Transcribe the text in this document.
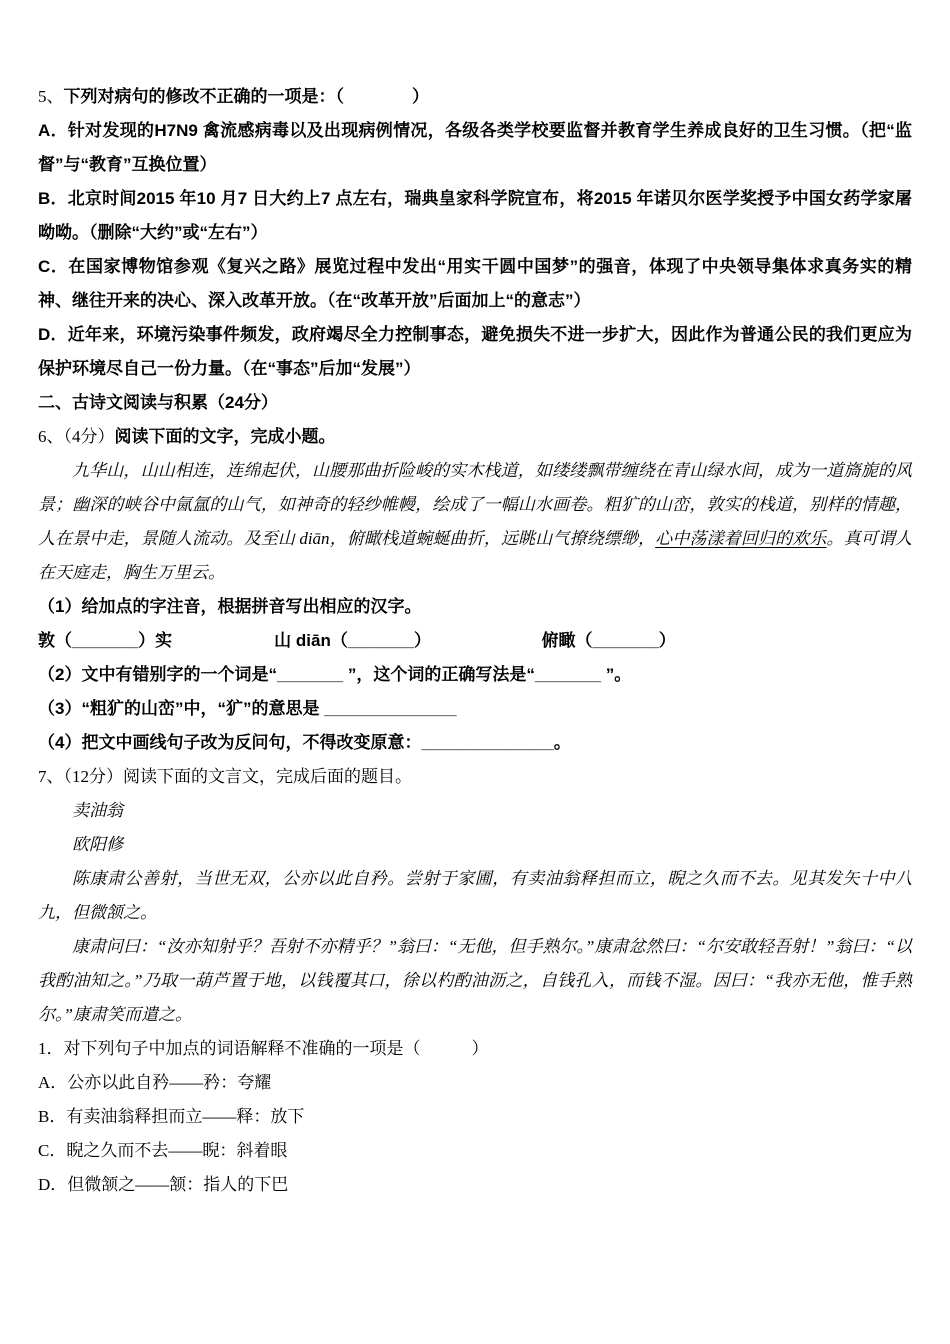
5、下列对病句的修改不正确的一项是：（　　　　）

A．针对发现的H7N9 禽流感病毒以及出现病例情况，各级各类学校要监督并教育学生养成良好的卫生习惯。（把“监督”与“教育”互换位置）

B．北京时间2015 年10 月7 日大约上7 点左右，瑞典皇家科学院宣布，将2015 年诺贝尔医学奖授予中国女药学家屠呦呦。（删除“大约”或“左右”）

C．在国家博物馆参观《复兴之路》展览过程中发出“用实干圆中国梦”的强音，体现了中央领导集体求真务实的精神、继往开来的决心、深入改革开放。（在“改革开放”后面加上“的意志”）

D．近年来，环境污染事件频发，政府竭尽全力控制事态，避免损失不进一步扩大，因此作为普通公民的我们更应为保护环境尽自己一份力量。（在“事态”后加“发展”）

二、古诗文阅读与积累（24分）

6、（4分）阅读下面的文字，完成小题。

九华山，山山相连，连绵起伏，山腰那曲折险峻的实木栈道，如缕缕飘带缠绕在青山绿水间，成为一道旖旎的风景；幽深的峡谷中氤氲的山气，如神奇的轻纱帷幔，绘成了一幅山水画卷。粗犷的山峦，敦实的栈道，别样的情趣，人在景中走，景随人流动。及至山 diān，俯瞰栈道蜿蜒曲折，远眺山气撩绕缥缈，心中荡漾着回归的欢乐。真可谓人在天庭走，胸生万里云。

（1）给加点的字注音，根据拼音写出相应的汉字。

敦（_______）实　　　　　　山 diān（_______）　　　　　　　俯瞰（_______）

（2）文中有错别字的一个词是“_______ ”，这个词的正确写法是“_______ ”。

（3）“粗犷的山峦”中，“犷”的意思是 ______________

（4）把文中画线句子改为反问句，不得改变原意：______________。

7、（12分）阅读下面的文言文，完成后面的题目。

卖油翁

欧阳修

陈康肃公善射，当世无双，公亦以此自矜。尝射于家圃，有卖油翁释担而立，睨之久而不去。见其发矢十中八九，但微颔之。

康肃问曰：“汝亦知射乎？吾射不亦精乎？”翁曰：“无他，但手熟尔。”康肃忿然曰：“尔安敢轻吾射！”翁曰：“以我酌油知之。”乃取一葫芦置于地，以钱覆其口，徐以杓酌油沥之，自钱孔入，而钱不湿。因曰：“我亦无他，惟手熟尔。”康肃笑而遣之。

1．对下列句子中加点的词语解释不准确的一项是（　　　）

A．公亦以此自矜——矜：夸耀

B．有卖油翁释担而立——释：放下

C．睨之久而不去——睨：斜着眼

D．但微颔之——颔：指人的下巴
